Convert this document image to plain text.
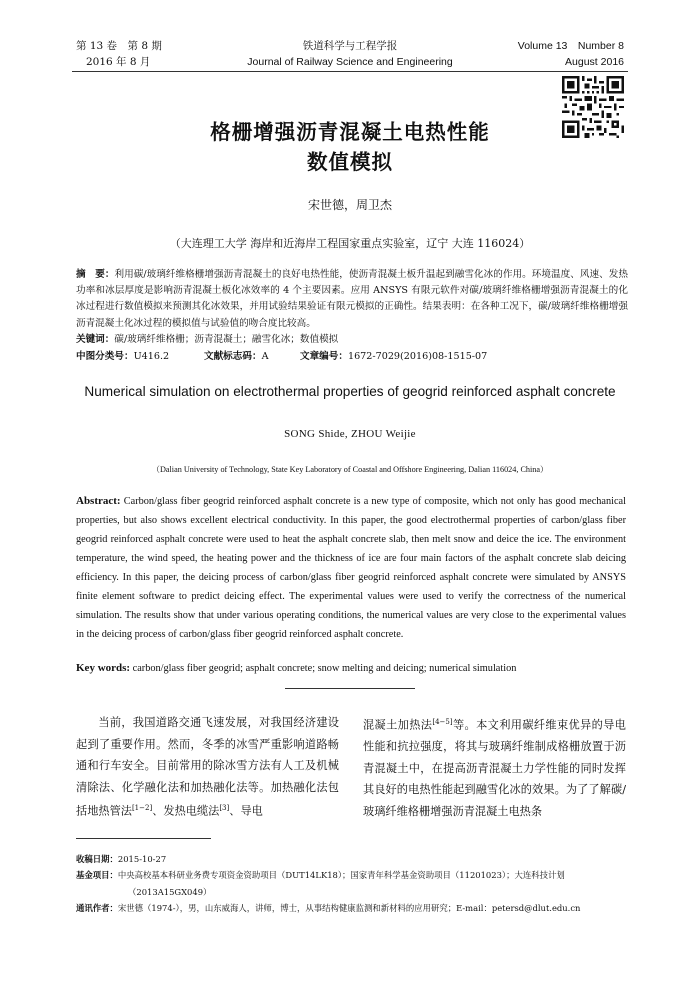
第 13 卷　第 8 期
2016 年 8 月
铁道科学与工程学报
Journal of Railway Science and Engineering
Volume 13　Number 8
August 2016
格栅增强沥青混凝土电热性能
数值模拟
宋世德，周卫杰
（大连理工大学 海岸和近海岸工程国家重点实验室，辽宁 大连 116024）
摘　要：利用碳/玻璃纤维格栅增强沥青混凝土的良好电热性能，使沥青混凝土板升温起到融雪化冰的作用。环境温度、风速、发热功率和冰层厚度是影响沥青混凝土板化冰效率的 4 个主要因素。应用 ANSYS 有限元软件对碳/玻璃纤维格栅增强沥青混凝土的化冰过程进行数值模拟来预测其化冰效果，并用试验结果验证有限元模拟的正确性。结果表明：在各种工况下，碳/玻璃纤维格栅增强沥青混凝土化冰过程的模拟值与试验值的吻合度比较高。
关键词：碳/玻璃纤维格栅；沥青混凝土；融雪化冰；数值模拟
中图分类号：U416.2	文献标志码：A	文章编号：1672-7029(2016)08-1515-07
Numerical simulation on electrothermal properties of geogrid reinforced asphalt concrete
SONG Shide, ZHOU Weijie
（Dalian University of Technology, State Key Laboratory of Coastal and Offshore Engineering, Dalian 116024, China）
Abstract: Carbon/glass fiber geogrid reinforced asphalt concrete is a new type of composite, which not only has good mechanical properties, but also shows excellent electrical conductivity. In this paper, the good electrothermal properties of carbon/glass fiber geogrid reinforced asphalt concrete were used to heat the asphalt concrete slab, then melt snow and deice the ice. The environment temperature, the wind speed, the heating power and the thickness of ice are four main factors of the asphalt concrete slab deicing efficiency. In this paper, the deicing process of carbon/glass fiber geogrid reinforced asphalt concrete were simulated by ANSYS finite element software to predict deicing effect. The experimental values were used to verify the correctness of the numerical simulation. The results show that under various operating conditions, the numerical values are very close to the experimental values in the deicing process of carbon/glass fiber geogrid reinforced asphalt concrete.
Key words: carbon/glass fiber geogrid; asphalt concrete; snow melting and deicing; numerical simulation

当前，我国道路交通飞速发展，对我国经济建设起到了重要作用。然而，冬季的冰雪严重影响道路畅通和行车安全。目前常用的除冰雪方法有人工及机械清除法、化学融化法和加热融化法等。加热融化法包括地热管法[1−2]、发热电缆法[3]、导电

混凝土加热法[4−5]等。本文利用碳纤维束优异的导电性能和抗拉强度，将其与玻璃纤维制成格栅放置于沥青混凝土中，在提高沥青混凝土力学性能的同时发挥其良好的电热性能起到融雪化冰的效果。为了了解碳/玻璃纤维格栅增强沥青混凝土电热条

收稿日期：2015-10-27

基金项目：中央高校基本科研业务费专项资金资助项目（DUT14LK18）；国家青年科学基金资助项目（11201023）；大连科技计划

（2013A15GX049）

通讯作者：宋世德（1974-），男，山东威海人，讲师，博士，从事结构健康监测和新材料的应用研究；E-mail：petersd@dlut.edu.cn
